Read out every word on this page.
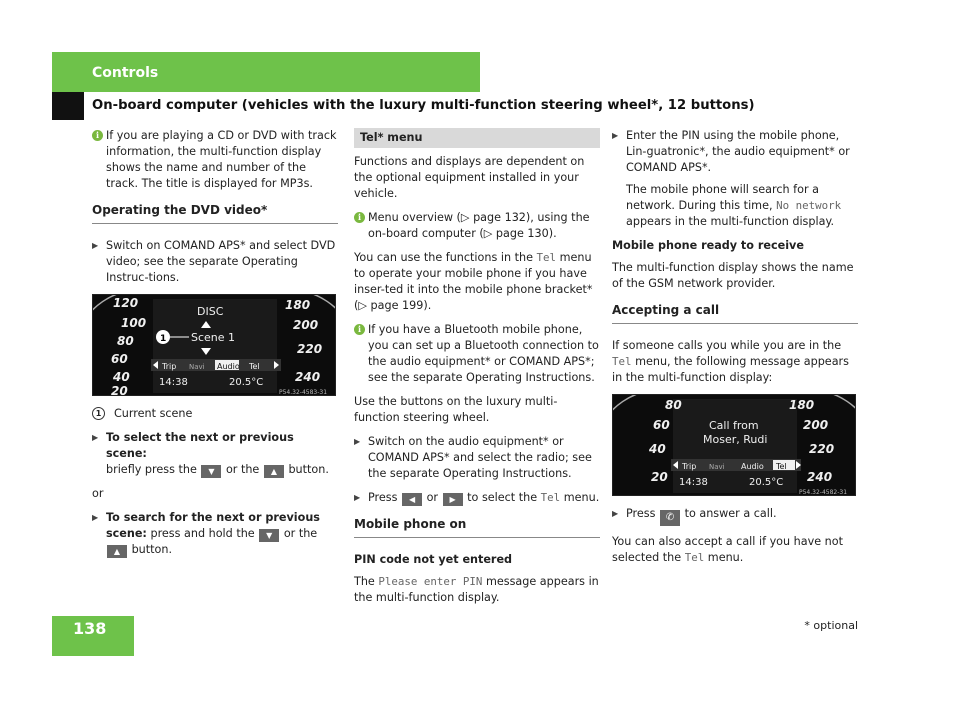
Controls
On-board computer (vehicles with the luxury multi-function steering wheel*, 12 buttons)
i If you are playing a CD or DVD with track information, the multi-function display shows the name and number of the track. The title is displayed for MP3s.
Operating the DVD video*
▶ Switch on COMAND APS* and select DVD video; see the separate Operating Instruc-tions.
120
100
80
60
40
20
180
200
220
240
DISC
Scene 1
1
Trip Navi Audio Tel
14:38	20.5°C
P54.32-4583-31
1	Current scene
▶ To select the next or previous scene:
briefly press the ▼ or the ▲ button.
or
▶ To search for the next or previous scene: press and hold the ▼ or the
▲ button.
Tel* menu
Functions and displays are dependent on the optional equipment installed in your vehicle.
i Menu overview (▷ page 132), using the on-board computer (▷ page 130).
You can use the functions in the Tel menu to operate your mobile phone if you have inser-ted it into the mobile phone bracket* (▷ page 199).
i If you have a Bluetooth mobile phone, you can set up a Bluetooth connection to the audio equipment* or COMAND APS*; see the separate Operating Instructions.
Use the buttons on the luxury multi-function steering wheel.
▶ Switch on the audio equipment* or COMAND APS* and select the radio; see the separate Operating Instructions.
▶ Press ◀ or ▶ to select the Tel menu.
Mobile phone on
PIN code not yet entered
The Please enter PIN message appears in the multi-function display.
▶ Enter the PIN using the mobile phone, Lin-guatronic*, the audio equipment* or COMAND APS*.
The mobile phone will search for a network. During this time, No network appears in the multi-function display.
Mobile phone ready to receive
The multi-function display shows the name of the GSM network provider.
Accepting a call
If someone calls you while you are in the Tel menu, the following message appears in the multi-function display:
80
60
40
20
180
200
220
240
Call from
Moser, Rudi
Trip Navi Audio Tel
14:38	20.5°C
P54.32-4582-31
▶ Press ✆ to answer a call.
You can also accept a call if you have not selected the Tel menu.
138	* optional
